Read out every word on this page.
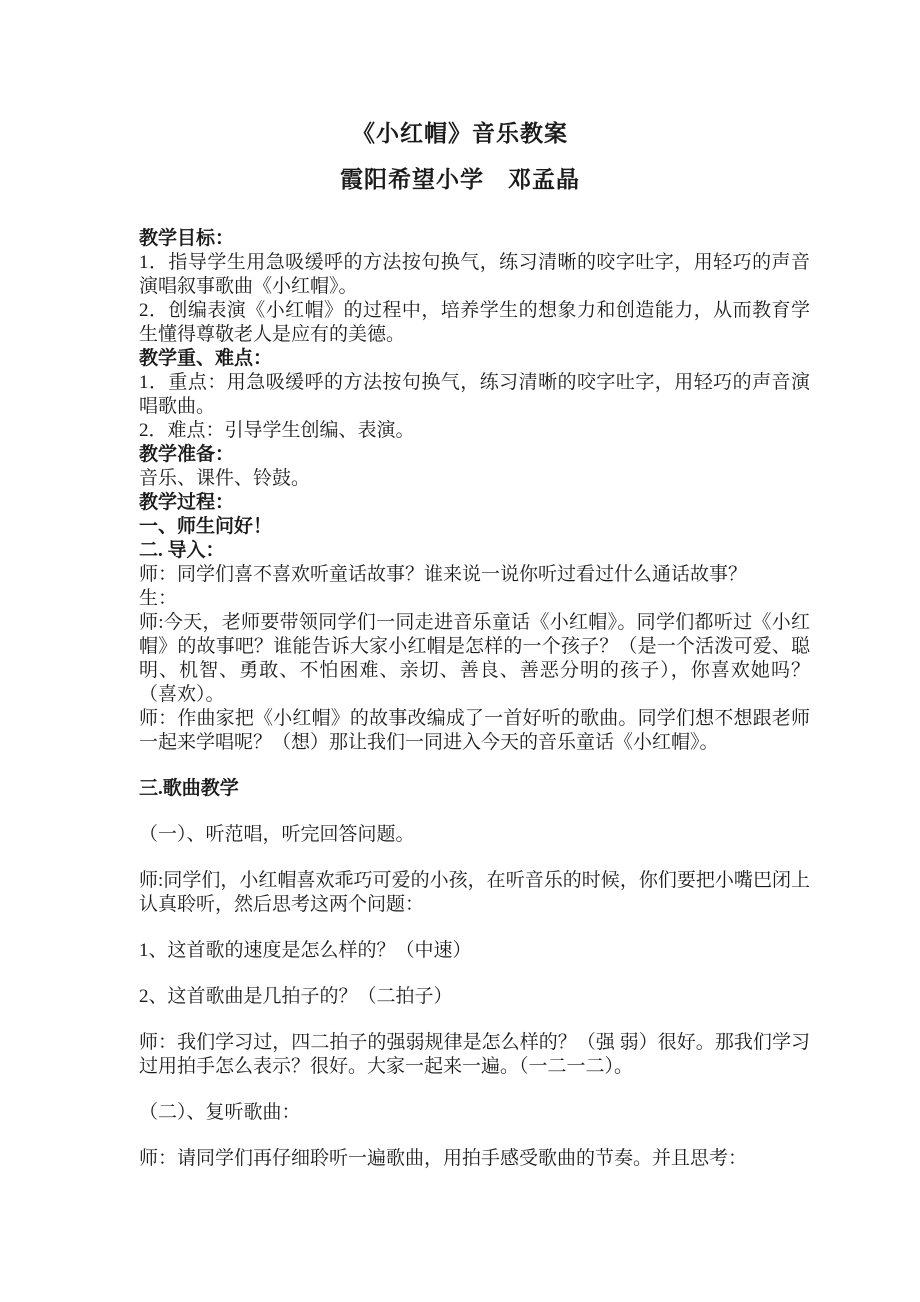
《小红帽》音乐教案
霞阳希望小学　邓孟晶

教学目标：

1．指导学生用急吸缓呼的方法按句换气，练习清晰的咬字吐字，用轻巧的声音演唱叙事歌曲《小红帽》。

2．创编表演《小红帽》的过程中，培养学生的想象力和创造能力，从而教育学生懂得尊敬老人是应有的美德。

教学重、难点：

1．重点：用急吸缓呼的方法按句换气，练习清晰的咬字吐字，用轻巧的声音演唱歌曲。

2．难点：引导学生创编、表演。

教学准备：

音乐、课件、铃鼓。

教学过程：

一、师生问好！

二. 导入：

师：同学们喜不喜欢听童话故事？谁来说一说你听过看过什么通话故事？

生：

师:今天，老师要带领同学们一同走进音乐童话《小红帽》。同学们都听过《小红帽》的故事吧？谁能告诉大家小红帽是怎样的一个孩子？（是一个活泼可爱、聪明、机智、勇敢、不怕困难、亲切、善良、善恶分明的孩子），你喜欢她吗？（喜欢）。

师：作曲家把《小红帽》的故事改编成了一首好听的歌曲。同学们想不想跟老师一起来学唱呢？（想）那让我们一同进入今天的音乐童话《小红帽》。

三.歌曲教学

（一）、听范唱，听完回答问题。

师:同学们，小红帽喜欢乖巧可爱的小孩，在听音乐的时候，你们要把小嘴巴闭上认真聆听，然后思考这两个问题：

1、这首歌的速度是怎么样的？（中速）

2、这首歌曲是几拍子的？（二拍子）

师：我们学习过，四二拍子的强弱规律是怎么样的？（强 弱）很好。那我们学习过用拍手怎么表示？很好。大家一起来一遍。（一二一二）。

（二）、复听歌曲：

师：请同学们再仔细聆听一遍歌曲，用拍手感受歌曲的节奏。并且思考：
